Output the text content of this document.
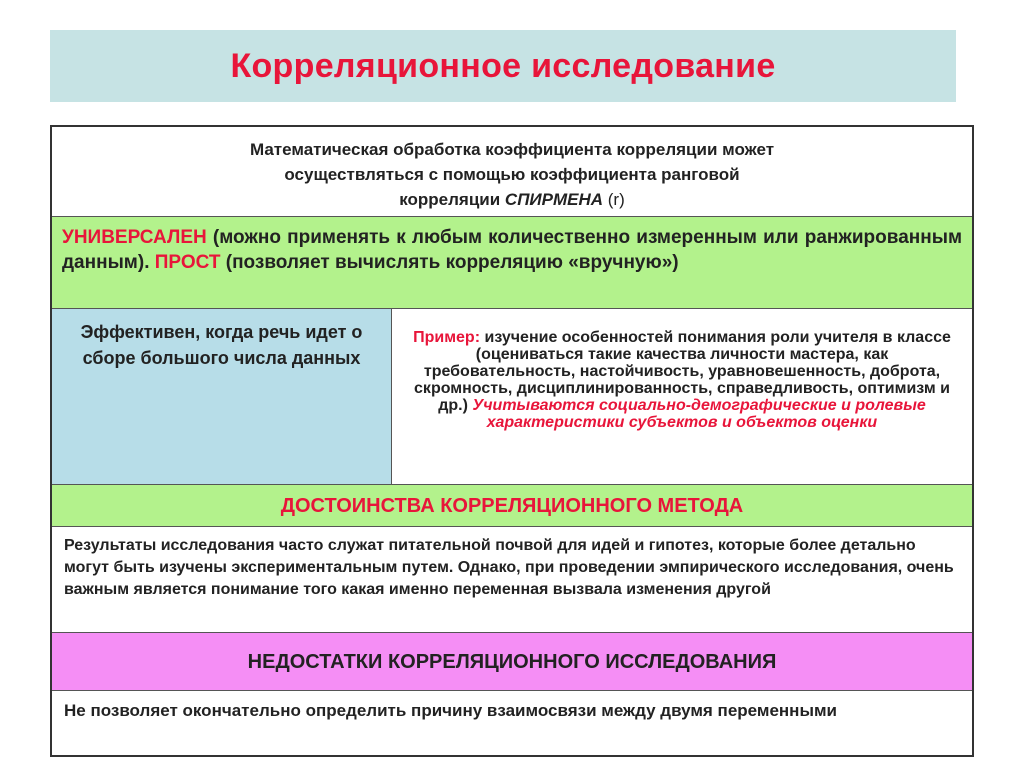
Корреляционное исследование
Математическая обработка коэффициента корреляции может
осуществляться с помощью коэффициента ранговой
корреляции СПИРМЕНА (r)
УНИВЕРСАЛЕН (можно применять к любым количественно измеренным или ранжированным данным). ПРОСТ (позволяет вычислять корреляцию «вручную»)
Эффективен, когда речь идет о сборе большого числа данных
Пример: изучение особенностей понимания роли учителя в классе (оцениваться такие качества личности мастера, как требовательность, настойчивость, уравновешенность, доброта, скромность, дисциплинированность, справедливость, оптимизм и др.) Учитываются социально-демографические и ролевые характеристики субъектов и объектов оценки
ДОСТОИНСТВА КОРРЕЛЯЦИОННОГО МЕТОДА
Результаты исследования часто служат питательной почвой для идей и гипотез, которые более детально могут быть изучены экспериментальным путем. Однако, при проведении эмпирического исследования, очень важным является понимание того какая именно переменная вызвала изменения другой
НЕДОСТАТКИ КОРРЕЛЯЦИОННОГО ИССЛЕДОВАНИЯ
Не позволяет окончательно определить причину взаимосвязи между двумя переменными
